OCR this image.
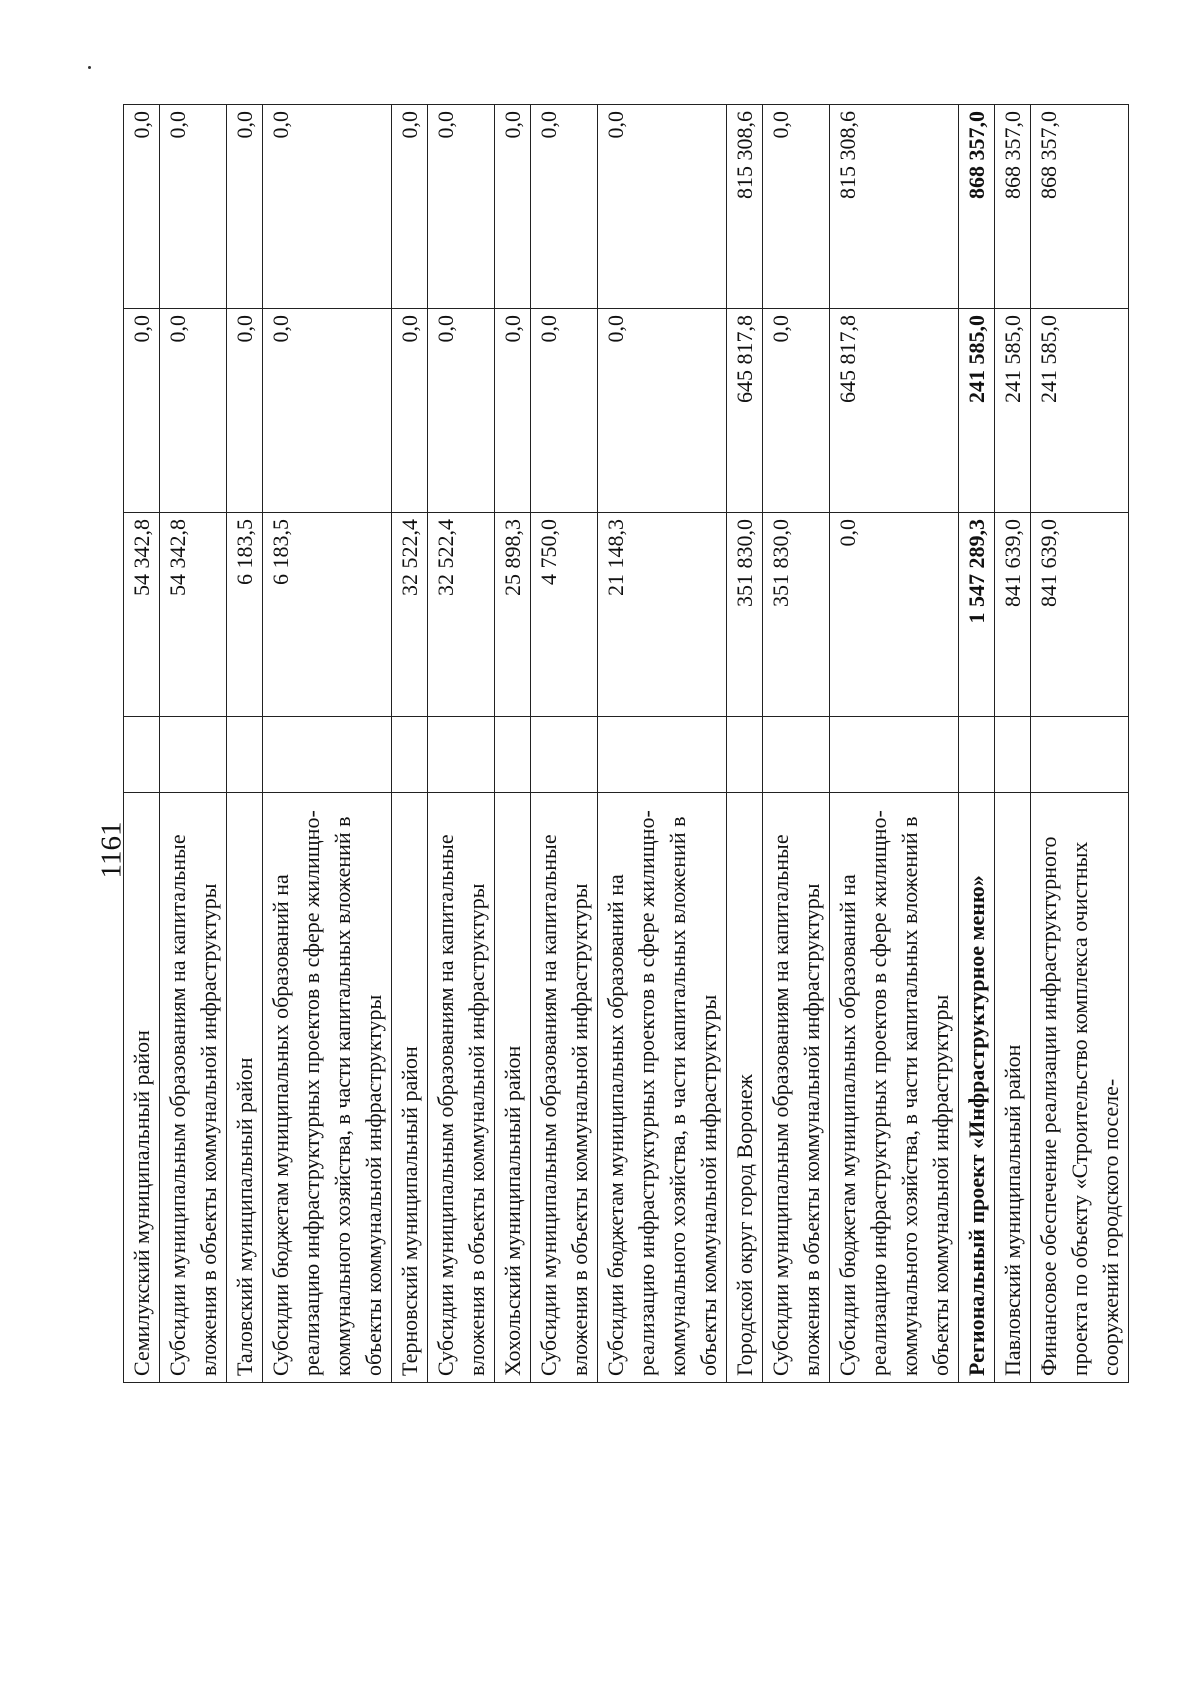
1161
Семилукский муниципальный район		54 342,8	0,0	0,0
Субсидии муниципальным образованиям на капитальные вложения в объекты коммунальной инфраструктуры		54 342,8	0,0	0,0
Таловский муниципальный район		6 183,5	0,0	0,0
Субсидии бюджетам муниципальных образований на реализацию инфраструктурных проектов в сфере жилищно-коммунального хозяйства, в части капитальных вложений в объекты коммунальной инфраструктуры		6 183,5	0,0	0,0
Терновский муниципальный район		32 522,4	0,0	0,0
Субсидии муниципальным образованиям на капитальные вложения в объекты коммунальной инфраструктуры		32 522,4	0,0	0,0
Хохольский муниципальный район		25 898,3	0,0	0,0
Субсидии муниципальным образованиям на капитальные вложения в объекты коммунальной инфраструктуры		4 750,0	0,0	0,0
Субсидии бюджетам муниципальных образований на реализацию инфраструктурных проектов в сфере жилищно-коммунального хозяйства, в части капитальных вложений в объекты коммунальной инфраструктуры		21 148,3	0,0	0,0
Городской округ город Воронеж		351 830,0	645 817,8	815 308,6
Субсидии муниципальным образованиям на капитальные вложения в объекты коммунальной инфраструктуры		351 830,0	0,0	0,0
Субсидии бюджетам муниципальных образований на реализацию инфраструктурных проектов в сфере жилищно-коммунального хозяйства, в части капитальных вложений в объекты коммунальной инфраструктуры		0,0	645 817,8	815 308,6
Региональный проект «Инфраструктурное меню»		1 547 289,3	241 585,0	868 357,0
Павловский муниципальный район		841 639,0	241 585,0	868 357,0
Финансовое обеспечение реализации инфраструктурного проекта по объекту «Строительство комплекса очистных сооружений городского поселе-		841 639,0	241 585,0	868 357,0
